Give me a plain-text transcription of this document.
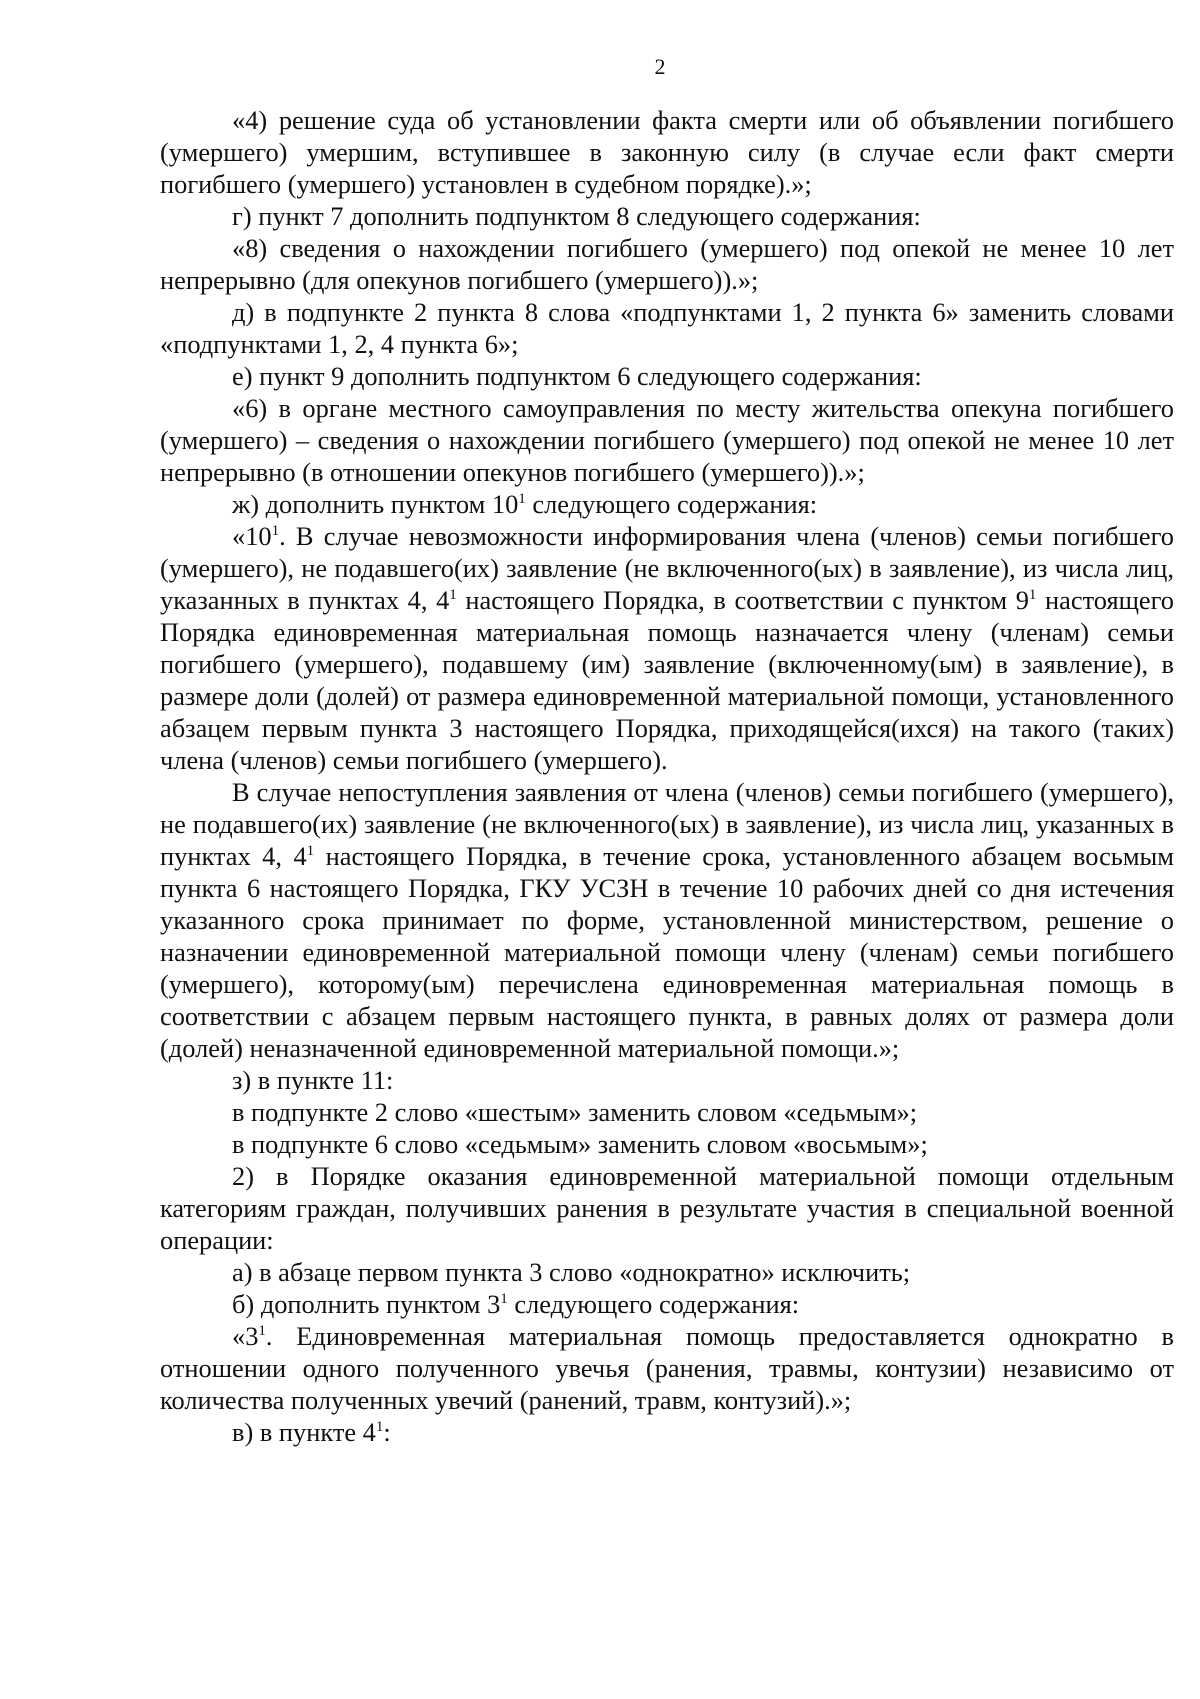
2

«4) решение суда об установлении факта смерти или об объявлении погибшего (умершего) умершим, вступившее в законную силу (в случае если факт смерти погибшего (умершего) установлен в судебном порядке).»;

г) пункт 7 дополнить подпунктом 8 следующего содержания:

«8) сведения о нахождении погибшего (умершего) под опекой не менее 10 лет непрерывно (для опекунов погибшего (умершего)).»;

д) в подпункте 2 пункта 8 слова «подпунктами 1, 2 пункта 6» заменить словами «подпунктами 1, 2, 4 пункта 6»;

е) пункт 9 дополнить подпунктом 6 следующего содержания:

«6) в органе местного самоуправления по месту жительства опекуна погибшего (умершего) – сведения о нахождении погибшего (умершего) под опекой не менее 10 лет непрерывно (в отношении опекунов погибшего (умершего)).»;

ж) дополнить пунктом $10^1$ следующего содержания:

«$10^1$. В случае невозможности информирования члена (членов) семьи погибшего (умершего), не подавшего(их) заявление (не включенного(ых) в заявление), из числа лиц, указанных в пунктах 4, $4^1$ настоящего Порядка, в соответствии с пунктом $9^1$ настоящего Порядка единовременная материальная помощь назначается члену (членам) семьи погибшего (умершего), подавшему (им) заявление (включенному(ым) в заявление), в размере доли (долей) от размера единовременной материальной помощи, установленного абзацем первым пункта 3 настоящего Порядка, приходящейся(ихся) на такого (таких) члена (членов) семьи погибшего (умершего).

В случае непоступления заявления от члена (членов) семьи погибшего (умершего), не подавшего(их) заявление (не включенного(ых) в заявление), из числа лиц, указанных в пунктах 4, $4^1$ настоящего Порядка, в течение срока, установленного абзацем восьмым пункта 6 настоящего Порядка, ГКУ УСЗН в течение 10 рабочих дней со дня истечения указанного срока принимает по форме, установленной министерством, решение о назначении единовременной материальной помощи члену (членам) семьи погибшего (умершего), которому(ым) перечислена единовременная материальная помощь в соответствии с абзацем первым настоящего пункта, в равных долях от размера доли (долей) неназначенной единовременной материальной помощи.»;

з) в пункте 11:

в подпункте 2 слово «шестым» заменить словом «седьмым»;

в подпункте 6 слово «седьмым» заменить словом «восьмым»;

2) в Порядке оказания единовременной материальной помощи отдельным категориям граждан, получивших ранения в результате участия в специальной военной операции:

а) в абзаце первом пункта 3 слово «однократно» исключить;

б) дополнить пунктом $3^1$ следующего содержания:

«$3^1$. Единовременная материальная помощь предоставляется однократно в отношении одного полученного увечья (ранения, травмы, контузии) независимо от количества полученных увечий (ранений, травм, контузий).»;

в) в пункте $4^1$:
